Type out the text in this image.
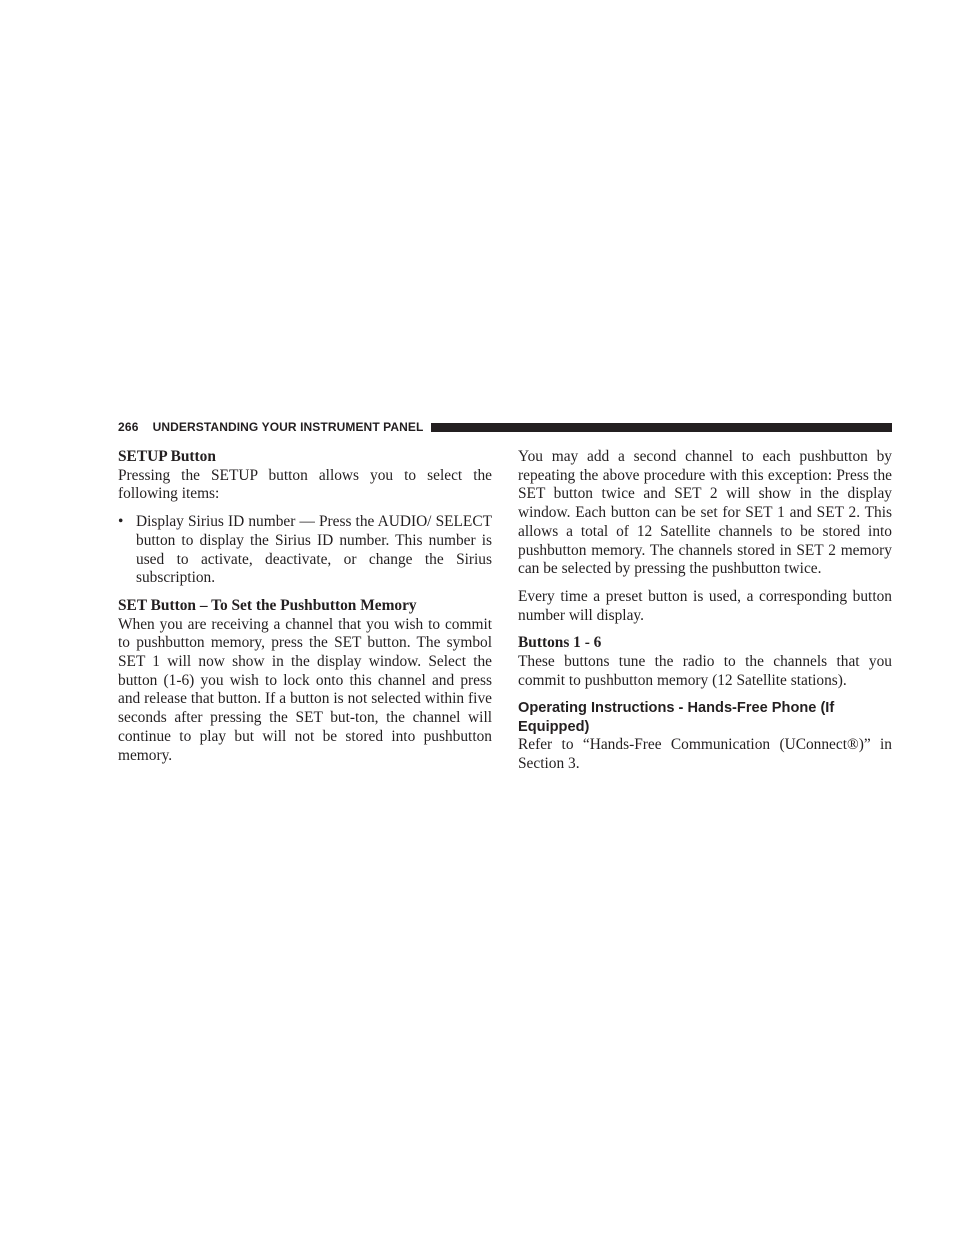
266 UNDERSTANDING YOUR INSTRUMENT PANEL

SETUP Button

Pressing the SETUP button allows you to select the following items:

• Display Sirius ID number — Press the AUDIO/ SELECT button to display the Sirius ID number. This number is used to activate, deactivate, or change the Sirius subscription.

SET Button – To Set the Pushbutton Memory

When you are receiving a channel that you wish to commit to pushbutton memory, press the SET button. The symbol SET 1 will now show in the display window. Select the button (1-6) you wish to lock onto this channel and press and release that button. If a button is not selected within five seconds after pressing the SET but-ton, the channel will continue to play but will not be stored into pushbutton memory.

You may add a second channel to each pushbutton by repeating the above procedure with this exception: Press the SET button twice and SET 2 will show in the display window. Each button can be set for SET 1 and SET 2. This allows a total of 12 Satellite channels to be stored into pushbutton memory. The channels stored in SET 2 memory can be selected by pressing the pushbutton twice.

Every time a preset button is used, a corresponding button number will display.

Buttons 1 - 6

These buttons tune the radio to the channels that you commit to pushbutton memory (12 Satellite stations).

Operating Instructions - Hands-Free Phone (If Equipped)

Refer to “Hands-Free Communication (UConnect®)” in Section 3.
